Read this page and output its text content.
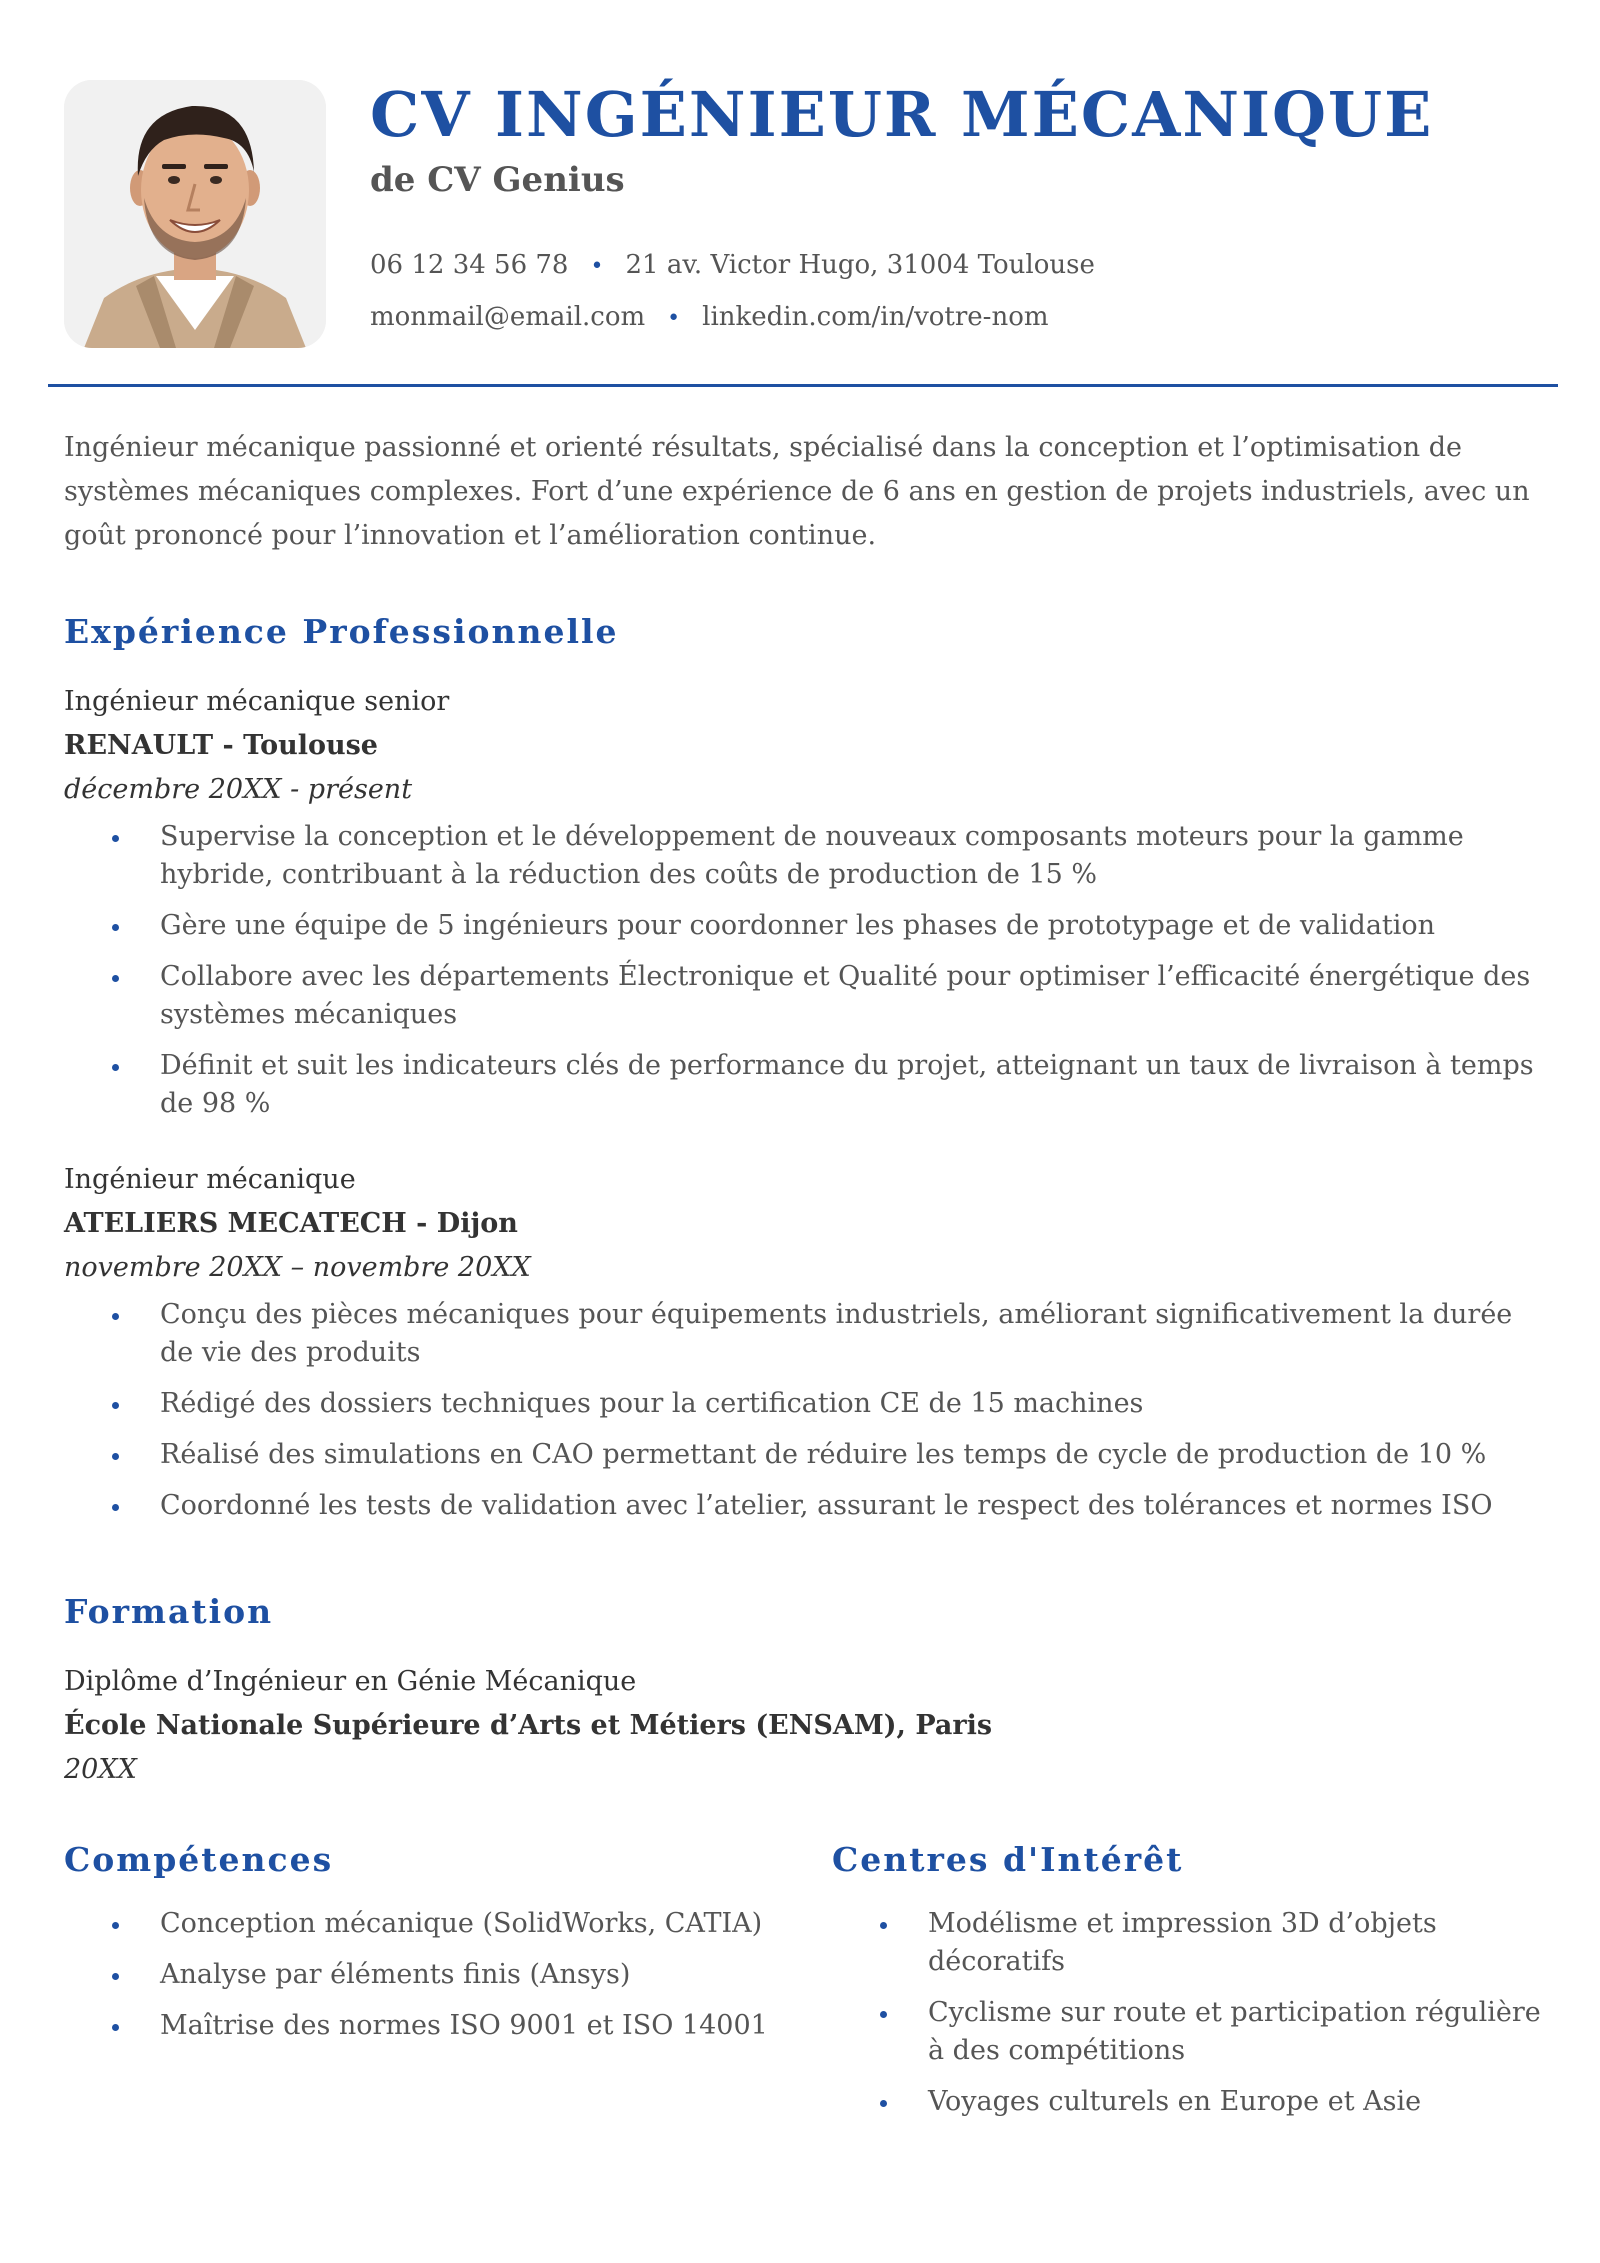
CV INGÉNIEUR MÉCANIQUE
de CV Genius
06 12 34 56 78 • 21 av. Victor Hugo, 31004 Toulouse
monmail@email.com • linkedin.com/in/votre-nom

Ingénieur mécanique passionné et orienté résultats, spécialisé dans la conception et l’optimisation de systèmes mécaniques complexes. Fort d’une expérience de 6 ans en gestion de projets industriels, avec un goût prononcé pour l’innovation et l’amélioration continue.

Expérience Professionnelle
Ingénieur mécanique senior
RENAULT - Toulouse
décembre 20XX - présent
Supervise la conception et le développement de nouveaux composants moteurs pour la gamme hybride, contribuant à la réduction des coûts de production de 15 %
Gère une équipe de 5 ingénieurs pour coordonner les phases de prototypage et de validation
Collabore avec les départements Électronique et Qualité pour optimiser l’efficacité énergétique des systèmes mécaniques
Définit et suit les indicateurs clés de performance du projet, atteignant un taux de livraison à temps de 98 %
Ingénieur mécanique
ATELIERS MECATECH - Dijon
novembre 20XX – novembre 20XX
Conçu des pièces mécaniques pour équipements industriels, améliorant significativement la durée de vie des produits
Rédigé des dossiers techniques pour la certification CE de 15 machines
Réalisé des simulations en CAO permettant de réduire les temps de cycle de production de 10 %
Coordonné les tests de validation avec l’atelier, assurant le respect des tolérances et normes ISO
Formation
Diplôme d’Ingénieur en Génie Mécanique
École Nationale Supérieure d’Arts et Métiers (ENSAM), Paris
20XX
Compétences
Conception mécanique (SolidWorks, CATIA)
Analyse par éléments finis (Ansys)
Maîtrise des normes ISO 9001 et ISO 14001
Centres d'Intérêt
Modélisme et impression 3D d’objets décoratifs
Cyclisme sur route et participation régulière à des compétitions
Voyages culturels en Europe et Asie
